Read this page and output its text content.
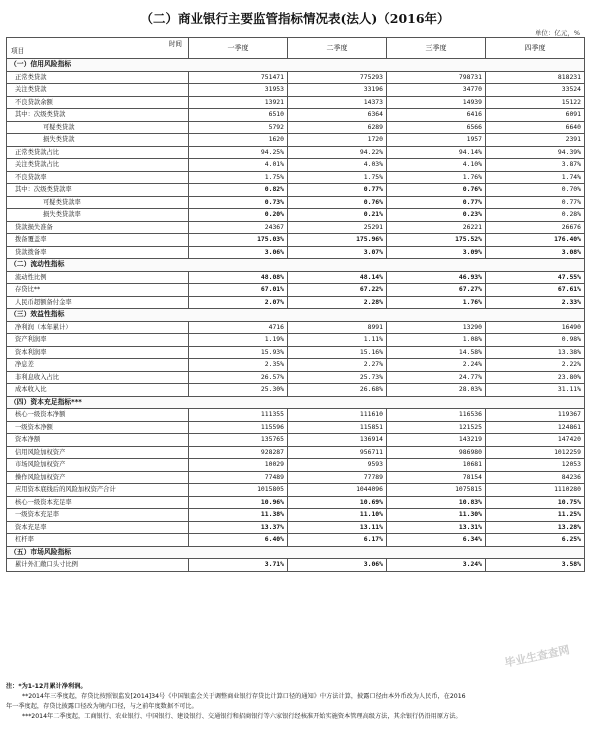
（二）商业银行主要监管指标情况表(法人)（2016年）
单位：亿元，%
时间
项目	一季度	二季度	三季度	四季度
（一）信用风险指标				
正常类贷款	751471	775293	798731	818231
关注类贷款	31953	33196	34770	33524
不良贷款余额	13921	14373	14939	15122
其中：次级类贷款	6510	6364	6416	6091
可疑类贷款	5792	6289	6566	6640
损失类贷款	1620	1720	1957	2391
正常类贷款占比	94.25%	94.22%	94.14%	94.39%
关注类贷款占比	4.01%	4.03%	4.10%	3.87%
不良贷款率	1.75%	1.75%	1.76%	1.74%
其中：次级类贷款率	0.82%	0.77%	0.76%	0.70%
可疑类贷款率	0.73%	0.76%	0.77%	0.77%
损失类贷款率	0.20%	0.21%	0.23%	0.28%
贷款损失准备	24367	25291	26221	26676
拨备覆盖率	175.03%	175.96%	175.52%	176.40%
贷款拨备率	3.06%	3.07%	3.09%	3.08%
（二）流动性指标				
流动性比例	48.08%	48.14%	46.93%	47.55%
存贷比**	67.01%	67.22%	67.27%	67.61%
人民币超额备付金率	2.07%	2.28%	1.76%	2.33%
（三）效益性指标				
净利润（本年累计）	4716	8991	13290	16490
资产利润率	1.19%	1.11%	1.08%	0.98%
资本利润率	15.93%	15.16%	14.58%	13.38%
净息差	2.35%	2.27%	2.24%	2.22%
非利息收入占比	26.57%	25.73%	24.77%	23.80%
成本收入比	25.30%	26.68%	28.03%	31.11%
（四）资本充足指标***				
核心一级资本净额	111355	111610	116536	119367
一级资本净额	115596	115851	121525	124861
资本净额	135765	136914	143219	147420
信用风险加权资产	928287	956711	986980	1012259
市场风险加权资产	10029	9593	10681	12053
操作风险加权资产	77489	77789	78154	84236
应用资本底线后的风险加权资产合计	1015805	1044096	1075815	1110280
核心一级资本充足率	10.96%	10.69%	10.83%	10.75%
一级资本充足率	11.38%	11.10%	11.30%	11.25%
资本充足率	13.37%	13.11%	13.31%	13.28%
杠杆率	6.40%	6.17%	6.34%	6.25%
（五）市场风险指标				
累计外汇敞口头寸比例	3.71%	3.06%	3.24%	3.58%
毕业生查查网
注：*为1-12月累计净利润。
**2014年三季度起，存贷比按照银监发[2014]34号《中国银监会关于调整商业银行存贷比计算口径的通知》中方法计算，披露口径由本外币改为人民币，在2016
年一季度起，存贷比披露口径改为境内口径，与之前年度数据不可比。
***2014年二季度起，工商银行、农业银行、中国银行、建设银行、交通银行和招商银行等六家银行经核准开始实施资本管理高级方法，其余银行仍沿用原方法。
